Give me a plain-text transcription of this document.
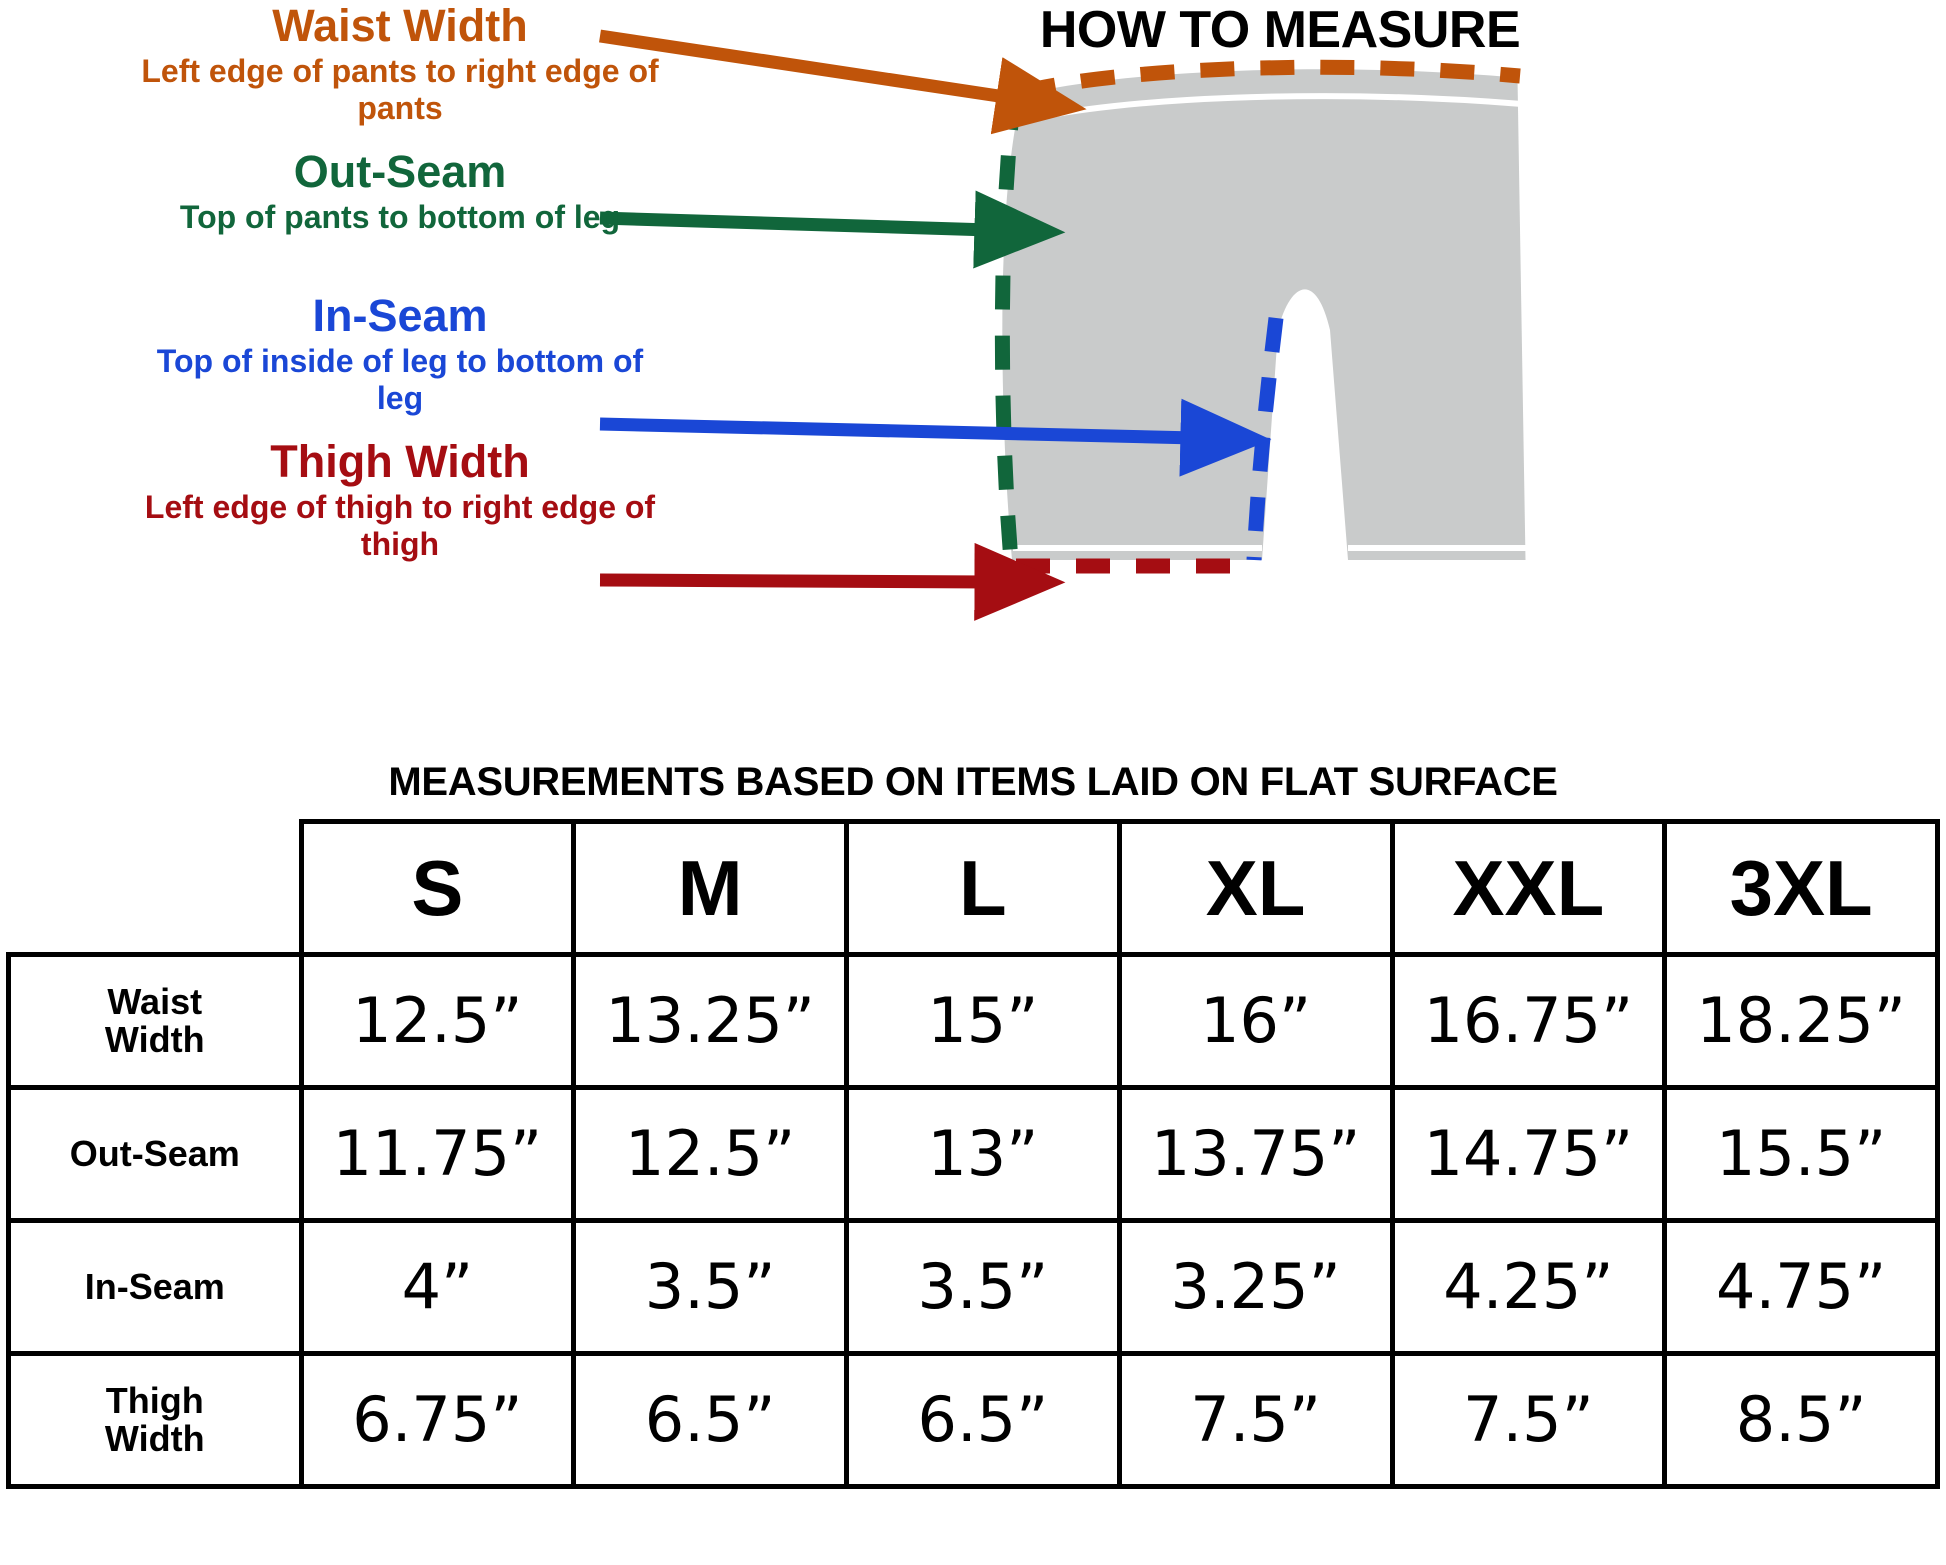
HOW TO MEASURE
Waist Width
Left edge of pants to right edge of pants
Out-Seam
Top of pants to bottom of leg
In-Seam
Top of inside of leg to bottom of leg
Thigh Width
Left edge of thigh to right edge of thigh
MEASUREMENTS BASED ON ITEMS LAID ON FLAT SURFACE
	S	M	L	XL	XXL	3XL
Waist
Width	12.5”	13.25”	15”	16”	16.75”	18.25”
Out-Seam	11.75”	12.5”	13”	13.75”	14.75”	15.5”
In-Seam	4”	3.5”	3.5”	3.25”	4.25”	4.75”
Thigh
Width	6.75”	6.5”	6.5”	7.5”	7.5”	8.5”
